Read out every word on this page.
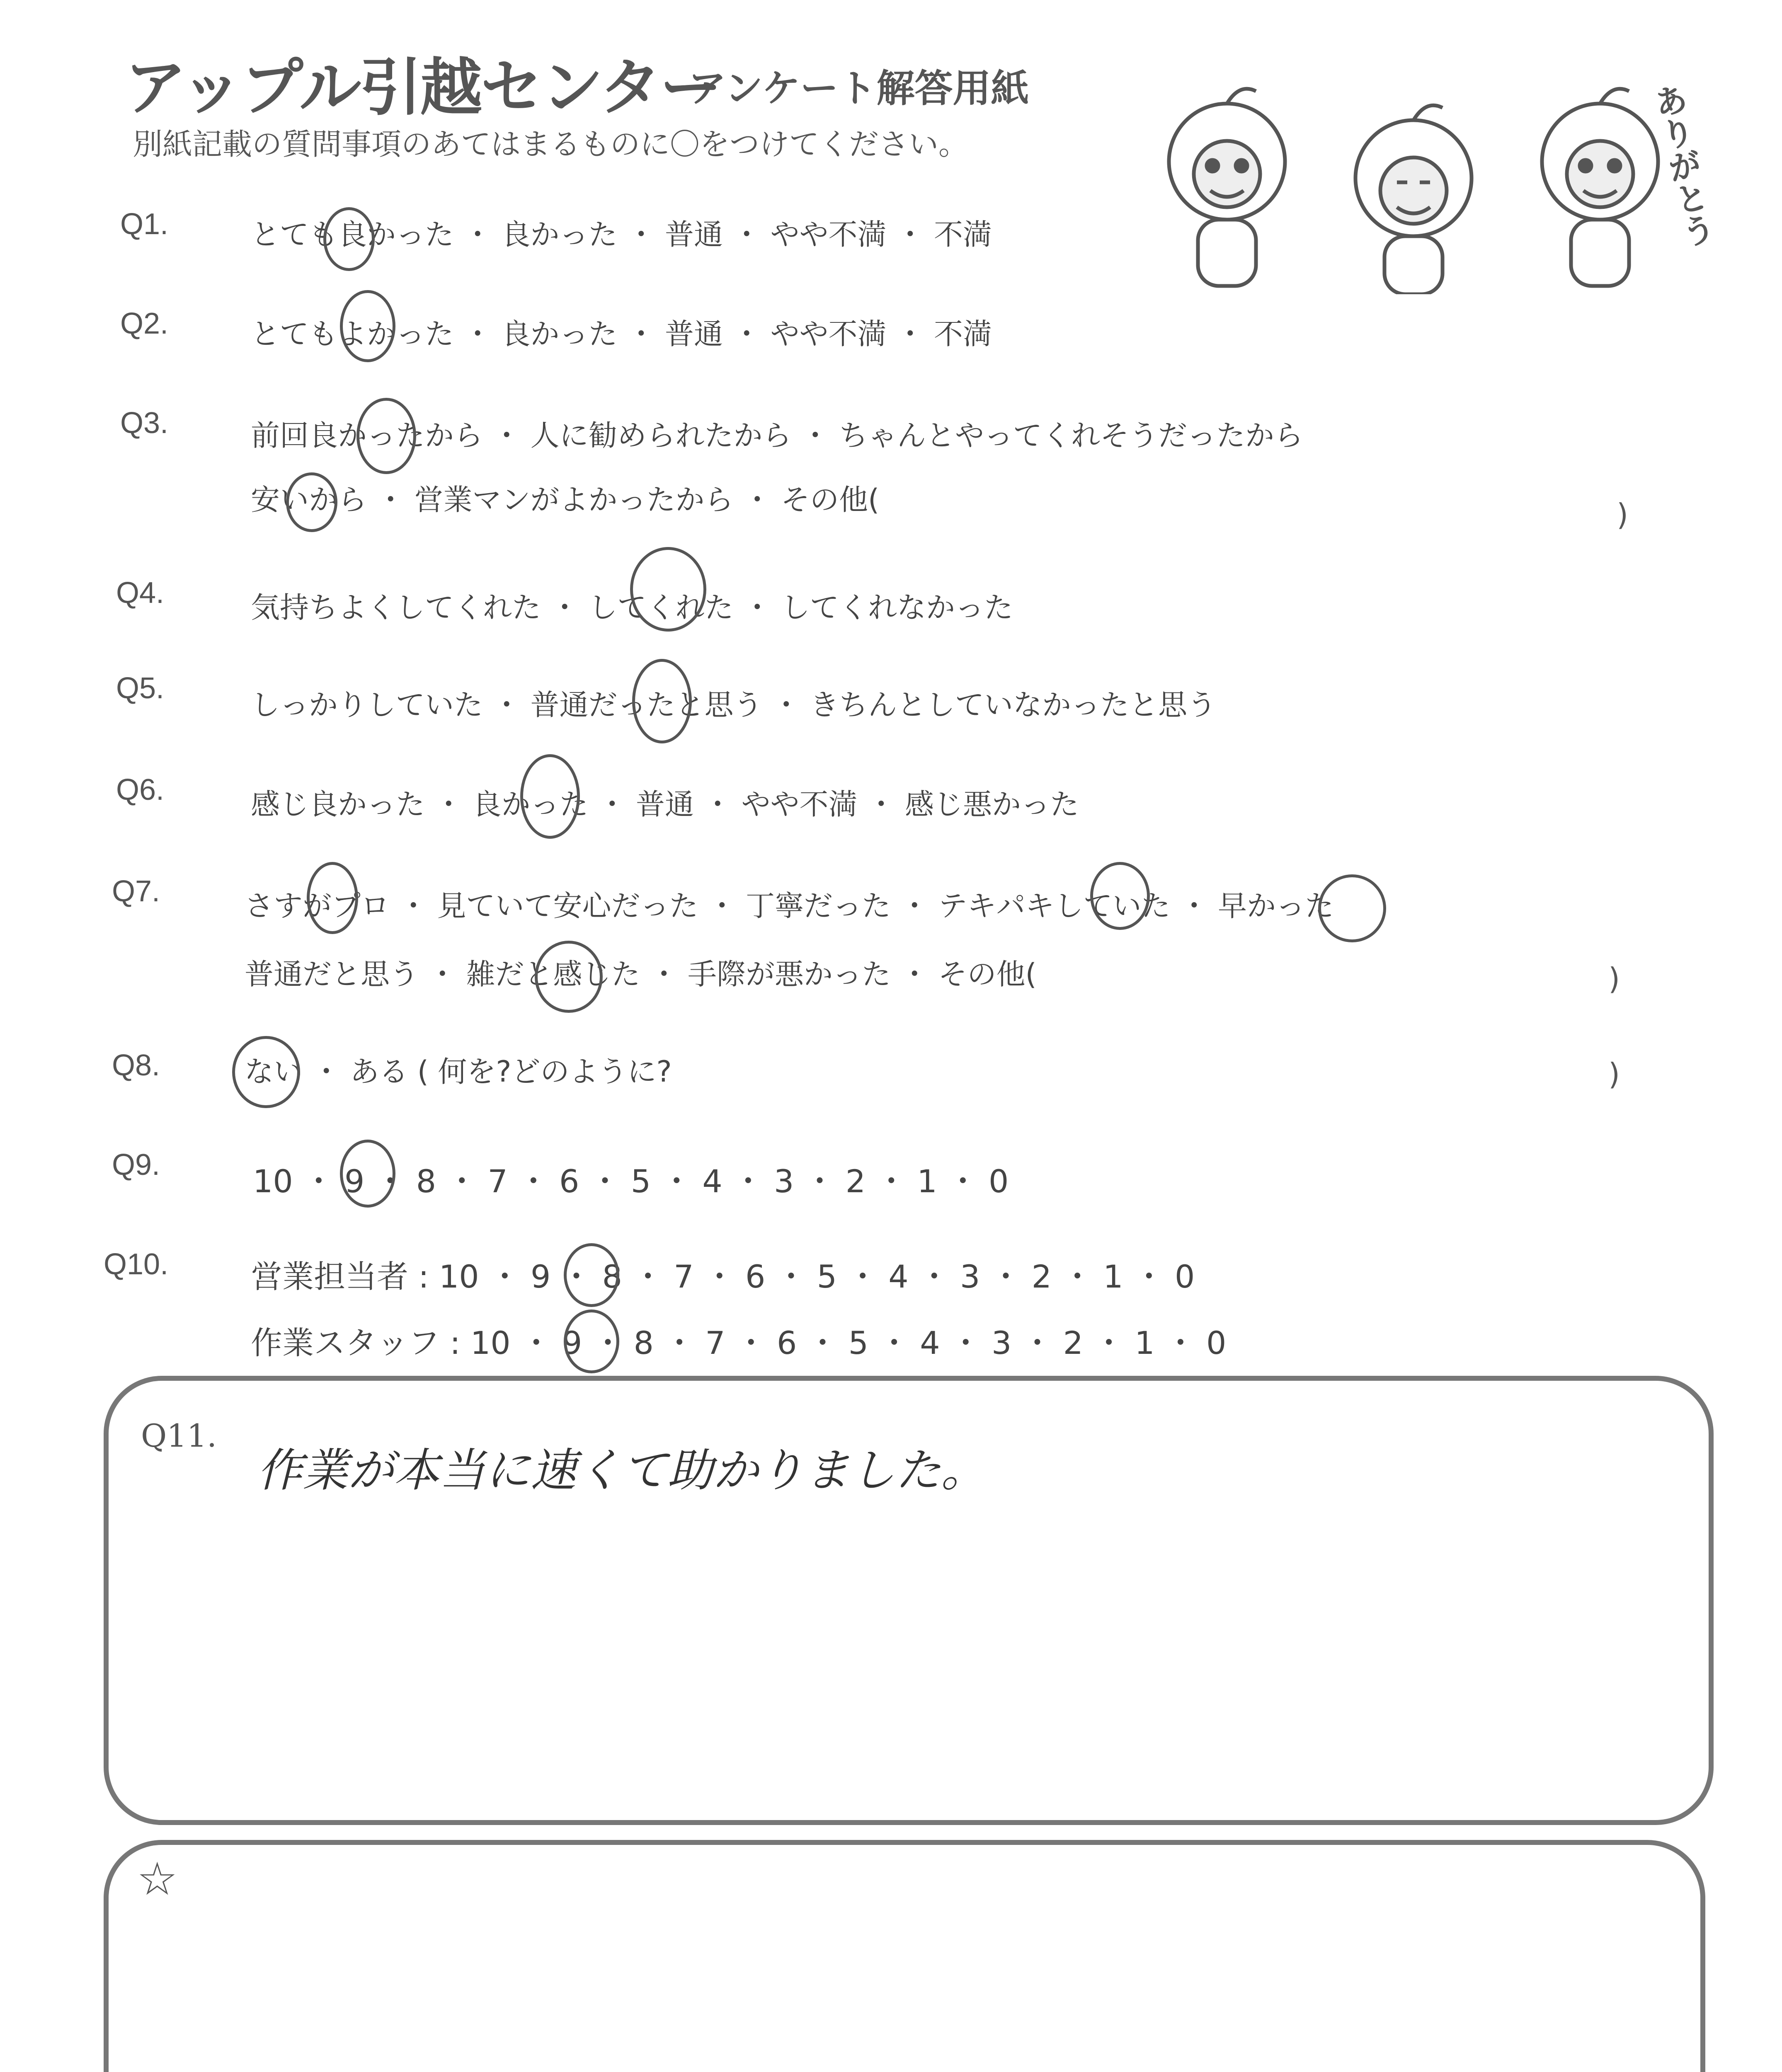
アップル引越センター
アンケート解答用紙
別紙記載の質問事項のあてはまるものに〇をつけてください。	ありがとう
Q1.	とても良かった ・ 良かった ・ 普通 ・ やや不満 ・ 不満
Q2.	とてもよかった ・ 良かった ・ 普通 ・ やや不満 ・ 不満
Q3.	前回良かったから ・ 人に勧められたから ・ ちゃんとやってくれそうだったから
安いから ・ 営業マンがよかったから ・ その他(	)
Q4.	気持ちよくしてくれた ・ してくれた ・ してくれなかった
Q5.	しっかりしていた ・ 普通だったと思う ・ きちんとしていなかったと思う
Q6.	感じ良かった ・ 良かった ・ 普通 ・ やや不満 ・ 感じ悪かった
Q7.	さすがプロ ・ 見ていて安心だった ・ 丁寧だった ・ テキパキしていた ・ 早かった
普通だと思う ・ 雑だと感じた ・ 手際が悪かった ・ その他(	)
Q8.	ない ・ ある ( 何を?どのように?	)
Q9.	10 ・ 9 ・ 8 ・ 7 ・ 6 ・ 5 ・ 4 ・ 3 ・ 2 ・ 1 ・ 0
Q10.	営業担当者 : 10 ・ 9 ・ 8 ・ 7 ・ 6 ・ 5 ・ 4 ・ 3 ・ 2 ・ 1 ・ 0
作業スタッフ : 10 ・ 9 ・ 8 ・ 7 ・ 6 ・ 5 ・ 4 ・ 3 ・ 2 ・ 1 ・ 0
Q11.
作業が本当に速くて助かりました。
☆
